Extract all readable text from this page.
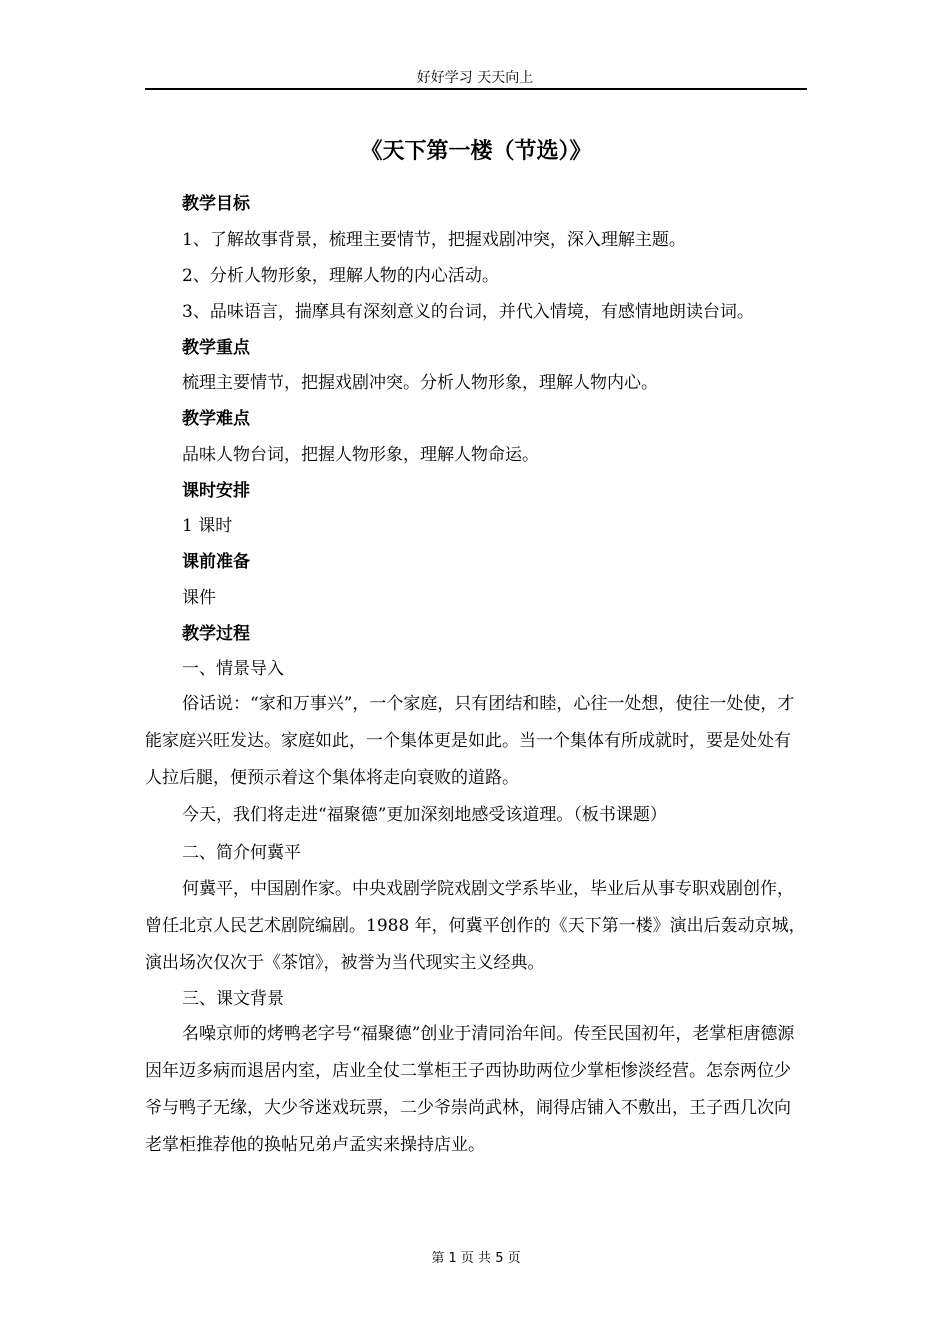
好好学习 天天向上
《天下第一楼（节选）》
教学目标
1、了解故事背景，梳理主要情节，把握戏剧冲突，深入理解主题。
2、分析人物形象，理解人物的内心活动。
3、品味语言，揣摩具有深刻意义的台词，并代入情境，有感情地朗读台词。
教学重点
梳理主要情节，把握戏剧冲突。分析人物形象，理解人物内心。
教学难点
品味人物台词，把握人物形象，理解人物命运。
课时安排
1 课时
课前准备
课件
教学过程
一、情景导入
俗话说：“家和万事兴”，一个家庭，只有团结和睦，心往一处想，使往一处使，才能家庭兴旺发达。家庭如此，一个集体更是如此。当一个集体有所成就时，要是处处有人拉后腿，便预示着这个集体将走向衰败的道路。
今天，我们将走进“福聚德”更加深刻地感受该道理。（板书课题）
二、简介何冀平
何冀平，中国剧作家。中央戏剧学院戏剧文学系毕业，毕业后从事专职戏剧创作，曾任北京人民艺术剧院编剧。1988 年，何冀平创作的《天下第一楼》演出后轰动京城，演出场次仅次于《茶馆》，被誉为当代现实主义经典。
三、课文背景
名噪京师的烤鸭老字号“福聚德”创业于清同治年间。传至民国初年，老掌柜唐德源因年迈多病而退居内室，店业全仗二掌柜王子西协助两位少掌柜惨淡经营。怎奈两位少爷与鸭子无缘，大少爷迷戏玩票，二少爷崇尚武林，闹得店铺入不敷出，王子西几次向老掌柜推荐他的换帖兄弟卢孟实来操持店业。
第 1 页 共 5 页
